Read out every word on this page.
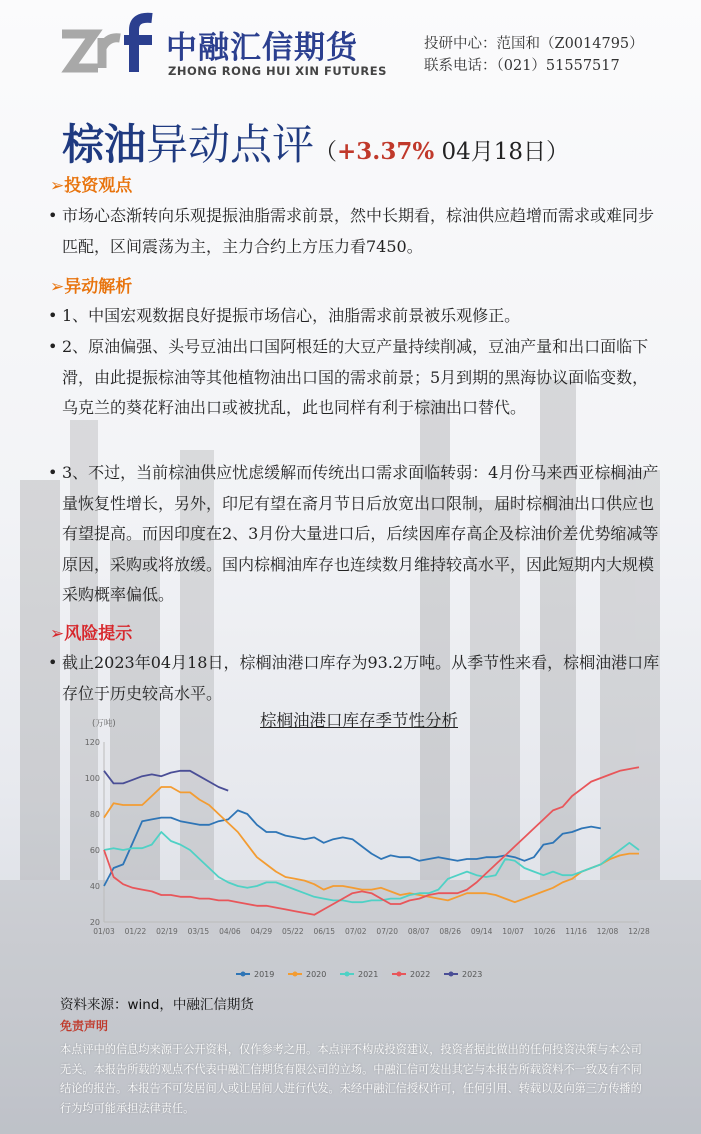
中融汇信期货
ZHONG RONG HUI XIN FUTURES
投研中心：范国和（Z0014795）
联系电话：（021）51557517
棕油异动点评（+3.37% 04月18日）
➢投资观点
• 市场心态渐转向乐观提振油脂需求前景，然中长期看，棕油供应趋增而需求或难同步匹配，区间震荡为主，主力合约上方压力看7450。
➢异动解析
• 1、中国宏观数据良好提振市场信心，油脂需求前景被乐观修正。
• 2、原油偏强、头号豆油出口国阿根廷的大豆产量持续削减，豆油产量和出口面临下滑，由此提振棕油等其他植物油出口国的需求前景；5月到期的黑海协议面临变数，乌克兰的葵花籽油出口或被扰乱，此也同样有利于棕油出口替代。
• 3、不过，当前棕油供应忧虑缓解而传统出口需求面临转弱：4月份马来西亚棕榈油产量恢复性增长，另外，印尼有望在斋月节日后放宽出口限制，届时棕榈油出口供应也有望提高。而因印度在2、3月份大量进口后，后续因库存高企及棕油价差优势缩减等原因，采购或将放缓。国内棕榈油库存也连续数月维持较高水平，因此短期内大规模采购概率偏低。
➢风险提示
• 截止2023年04月18日，棕榈油港口库存为93.2万吨。从季节性来看，棕榈油港口库存位于历史较高水平。
棕榈油港口库存季节性分析
(万吨)
20
40
60
80
100
120
01/03 01/22 02/19 03/15 04/06 04/29 05/22 06/15 07/02 07/20 08/07 08/26 09/14 10/07 10/26 11/16 12/08 12/28
2019	2020	2021	2022	2023
资料来源：wind，中融汇信期货
免责声明
本点评中的信息均来源于公开资料，仅作参考之用。本点评不构成投资建议，投资者据此做出的任何投资决策与本公司无关。本报告所载的观点不代表中融汇信期货有限公司的立场。中融汇信可发出其它与本报告所载资料不一致及有不同结论的报告。本报告不可发居间人或让居间人进行代发。未经中融汇信授权许可，任何引用、转载以及向第三方传播的行为均可能承担法律责任。
